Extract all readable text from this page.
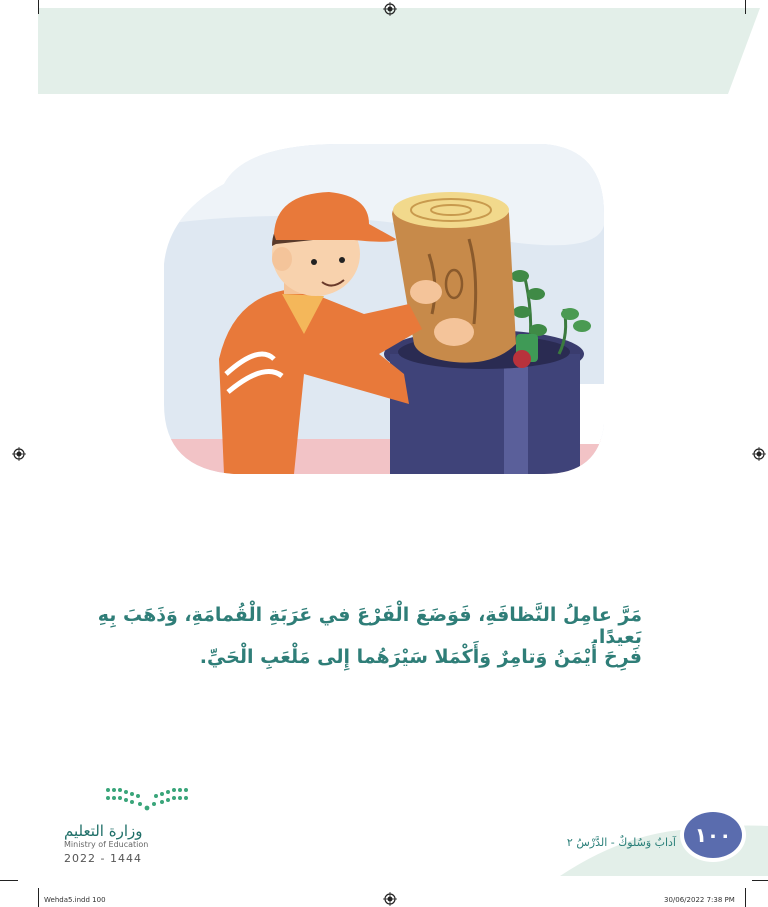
مَرَّ عامِلُ النَّظافَةِ، فَوَضَعَ الْفَرْعَ في عَرَبَةِ الْقُمامَةِ، وَذَهَبَ بِهِ بَعيدًا.
فَرِحَ أَيْمَنُ وَتامِرٌ وَأَكْمَلا سَيْرَهُما إِلى مَلْعَبِ الْحَيِّ.
آدابٌ وَسُلوكٌ - الدَّرْسُ ٢ ١٠٠
وزارة التعليم
Ministry of Education
2022 - 1444
Wehda5.indd 100	30/06/2022 7:38 PM
